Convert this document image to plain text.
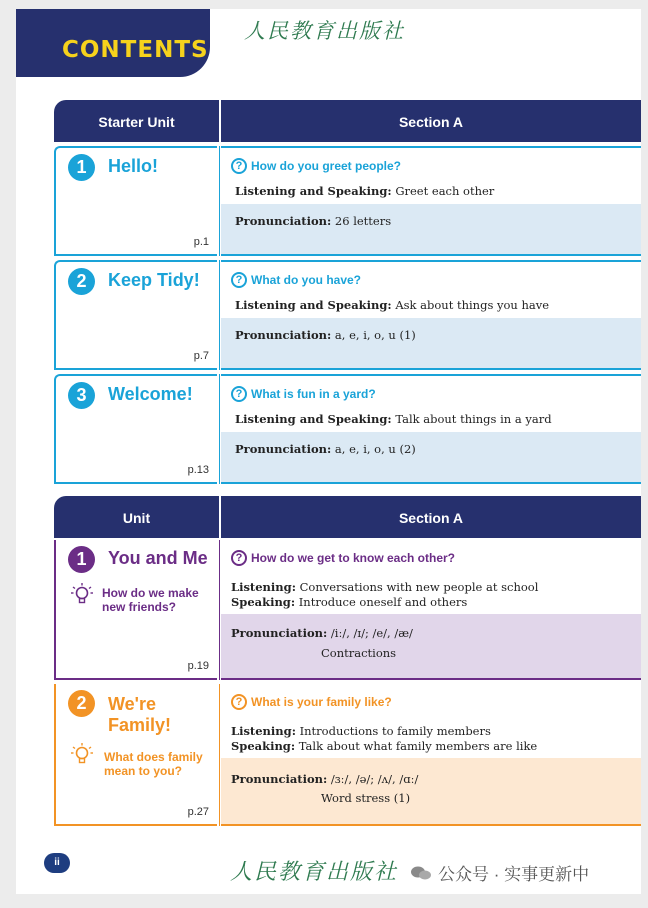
CONTENTS
人民教育出版社
Starter Unit	Section A
1	Hello!
p.1
? How do you greet people?
Listening and Speaking: Greet each other
Pronunciation: 26 letters
2	Keep Tidy!
p.7
? What do you have?
Listening and Speaking: Ask about things you have
Pronunciation: a, e, i, o, u (1)
3	Welcome!
p.13
? What is fun in a yard?
Listening and Speaking: Talk about things in a yard
Pronunciation: a, e, i, o, u (2)
Unit	Section A
1	You and Me
How do we make new friends?
p.19
? How do we get to know each other?
Listening: Conversations with new people at school
Speaking: Introduce oneself and others
Pronunciation: /iː/, /ɪ/; /e/, /æ/
Contractions
2	We're
Family!
What does family mean to you?
p.27
? What is your family like?
Listening: Introductions to family members
Speaking: Talk about what family members are like
Pronunciation: /ɜː/, /ə/; /ʌ/, /ɑː/
Word stress (1)
ii	人民教育出版社 公众号 · 实事更新中
